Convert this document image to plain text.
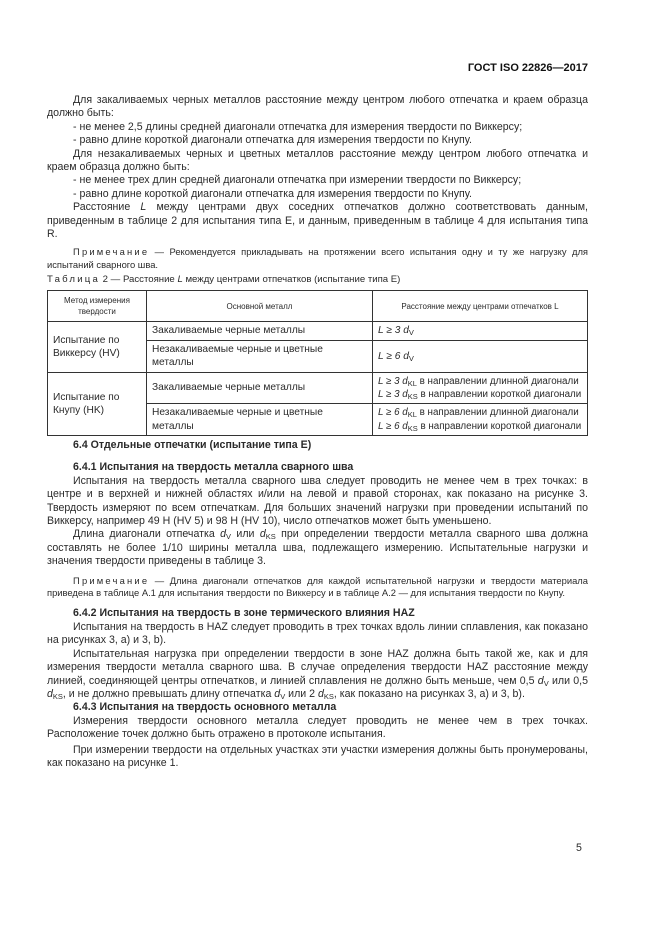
ГОСТ ISO 22826—2017

Для закаливаемых черных металлов расстояние между центром любого отпечатка и краем образца должно быть:

- не менее 2,5 длины средней диагонали отпечатка для измерения твердости по Виккерсу;

- равно длине короткой диагонали отпечатка для измерения твердости по Кнупу.

Для незакаливаемых черных и цветных металлов расстояние между центром любого отпечатка и краем образца должно быть:

- не менее трех длин средней диагонали отпечатка при измерении твердости по Виккерсу;

- равно длине короткой диагонали отпечатка для измерения твердости по Кнупу.

Расстояние L между центрами двух соседних отпечатков должно соответствовать данным, приведенным в таблице 2 для испытания типа E, и данным, приведенным в таблице 4 для испытания типа R.

Примечание — Рекомендуется прикладывать на протяжении всего испытания одну и ту же нагрузку для испытаний сварного шва.

Таблица 2 — Расстояние L между центрами отпечатков (испытание типа E)
Метод измерения твердости	Основной металл	Расстояние между центрами отпечатков L
Испытание по Виккерсу (HV)	Закаливаемые черные металлы	L ≥ 3 $d_V$
	Незакаливаемые черные и цветные металлы	L ≥ 6 $d_V$
Испытание по Кнупу (HK)	Закаливаемые черные металлы	L ≥ 3 $d_{KL}$ в направлении длинной диагонали
L ≥ 3 $d_{KS}$ в направлении короткой диагонали

	Незакаливаемые черные и цветные металлы	L ≥ 6 $d_{KL}$ в направлении длинной диагонали
L ≥ 6 $d_{KS}$ в направлении короткой диагонали

6.4 Отдельные отпечатки (испытание типа E)

6.4.1 Испытания на твердость металла сварного шва

Испытания на твердость металла сварного шва следует проводить не менее чем в трех точках: в центре и в верхней и нижней областях и/или на левой и правой сторонах, как показано на рисунке 3. Твердость измеряют по всем отпечаткам. Для больших значений нагрузки при проведении испытаний по Виккерсу, например 49 Н (HV 5) и 98 Н (HV 10), число отпечатков может быть уменьшено.

Длина диагонали отпечатка $d_V$ или $d_{KS}$ при определении твердости металла сварного шва должна составлять не более 1/10 ширины металла шва, подлежащего измерению. Испытательные нагрузки и значения твердости приведены в таблице 3.

Примечание — Длина диагонали отпечатков для каждой испытательной нагрузки и твердости материала приведена в таблице А.1 для испытания твердости по Виккерсу и в таблице А.2 — для испытания твердости по Кнупу.

6.4.2 Испытания на твердость в зоне термического влияния HAZ

Испытания на твердость в HAZ следует проводить в трех точках вдоль линии сплавления, как показано на рисунках 3, а) и 3, b).

Испытательная нагрузка при определении твердости в зоне HAZ должна быть такой же, как и для измерения твердости металла сварного шва. В случае определения твердости HAZ расстояние между линией, соединяющей центры отпечатков, и линией сплавления не должно быть меньше, чем 0,5 $d_V$ или 0,5 $d_{KS}$, и не должно превышать длину отпечатка $d_V$ или 2 $d_{KS}$, как показано на рисунках 3, а) и 3, b).

6.4.3 Испытания на твердость основного металла

Измерения твердости основного металла следует проводить не менее чем в трех точках. Расположение точек должно быть отражено в протоколе испытания.

При измерении твердости на отдельных участках эти участки измерения должны быть пронумерованы, как показано на рисунке 1.

5
